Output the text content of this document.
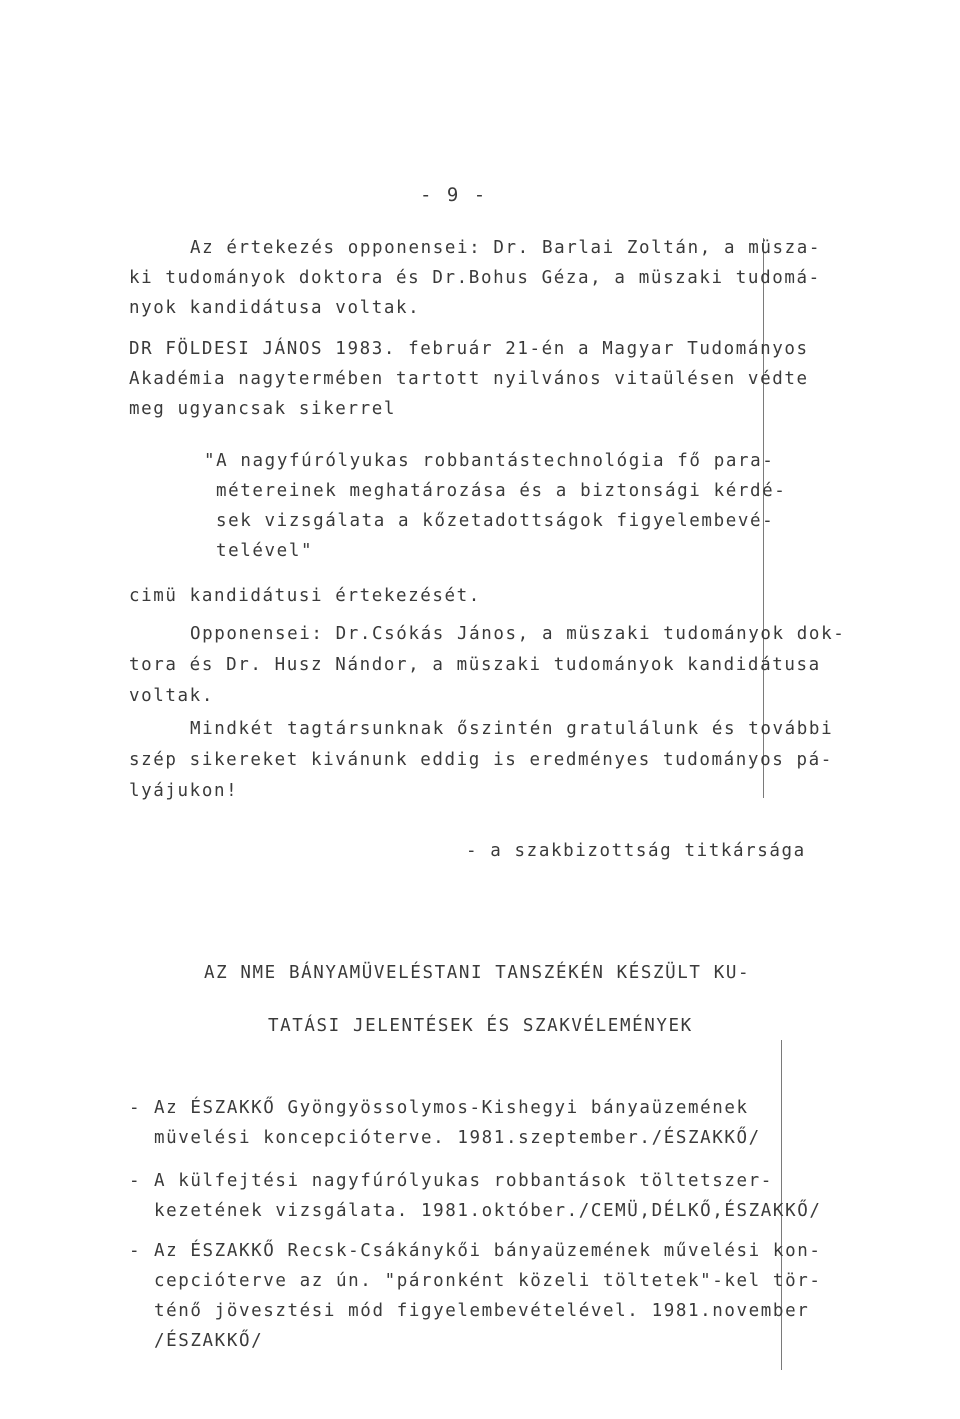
- 9 -
Az értekezés opponensei: Dr. Barlai Zoltán, a müsza-
ki tudományok doktora és Dr.Bohus Géza, a müszaki tudomá-
nyok kandidátusa voltak.
DR FÖLDESI JÁNOS 1983. február 21-én a Magyar Tudományos
Akadémia nagytermében tartott nyilvános vitaülésen védte
meg ugyancsak sikerrel
"A nagyfúrólyukas robbantástechnológia fő para-
métereinek meghatározása és a biztonsági kérdé-
sek vizsgálata a kőzetadottságok figyelembevé-
telével"
cimü kandidátusi értekezését.
Opponensei: Dr.Csókás János, a müszaki tudományok dok-
tora és Dr. Husz Nándor, a müszaki tudományok kandidátusa
voltak.
Mindkét tagtársunknak őszintén gratulálunk és további
szép sikereket kivánunk eddig is eredményes tudományos pá-
lyájukon!
- a szakbizottság titkársága
AZ NME BÁNYAMÜVELÉSTANI TANSZÉKÉN KÉSZÜLT KU-
TATÁSI JELENTÉSEK ÉS SZAKVÉLEMÉNYEK
- Az ÉSZAKKŐ Gyöngyössolymos-Kishegyi bányaüzemének
müvelési koncepcióterve. 1981.szeptember./ÉSZAKKŐ/
- A külfejtési nagyfúrólyukas robbantások töltetszer-
kezetének vizsgálata. 1981.október./CEMÜ,DÉLKŐ,ÉSZAKKŐ/
- Az ÉSZAKKŐ Recsk-Csákánykői bányaüzemének művelési kon-
cepcióterve az ún. "páronként közeli töltetek"-kel tör-
ténő jövesztési mód figyelembevételével. 1981.november
/ÉSZAKKŐ/
